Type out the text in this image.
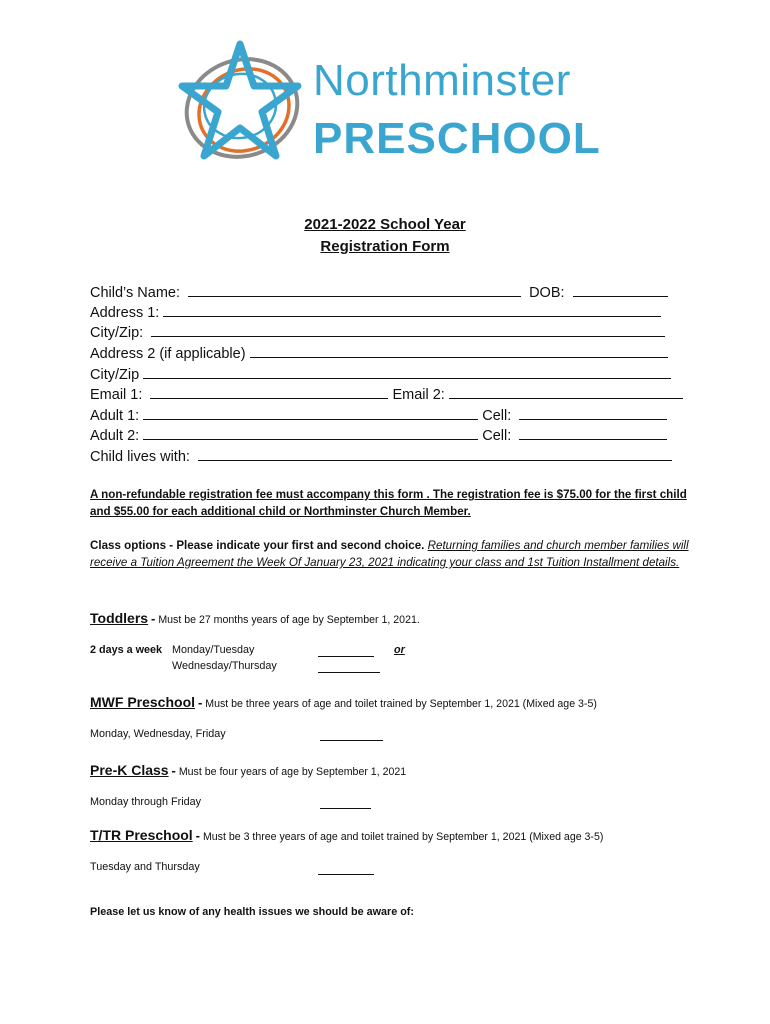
Northminster
PRESCHOOL
2021-2022 School Year
Registration Form
Child’s Name:	DOB:
Address 1:
City/Zip:
Address 2 (if applicable)
City/Zip
Email 1:	Email 2:
Adult 1:	Cell:
Adult 2:	Cell:
Child lives with:
A non-refundable registration fee must accompany this form . The registration fee is $75.00 for the first child and $55.00 for each additional child or Northminster Church Member.
Class options - Please indicate your first and second choice. Returning families and church member families will receive a Tuition Agreement the Week Of January 23, 2021 indicating your class and 1st Tuition Installment details.
Toddlers - Must be 27 months years of age by September 1, 2021.
2 days a week Monday/Tuesday	or
Wednesday/Thursday
MWF Preschool - Must be three years of age and toilet trained by September 1, 2021 (Mixed age 3-5)
Monday, Wednesday, Friday
Pre-K Class - Must be four years of age by September 1, 2021
Monday through Friday
T/TR Preschool - Must be 3 three years of age and toilet trained by September 1, 2021 (Mixed age 3-5)
Tuesday and Thursday
Please let us know of any health issues we should be aware of:
